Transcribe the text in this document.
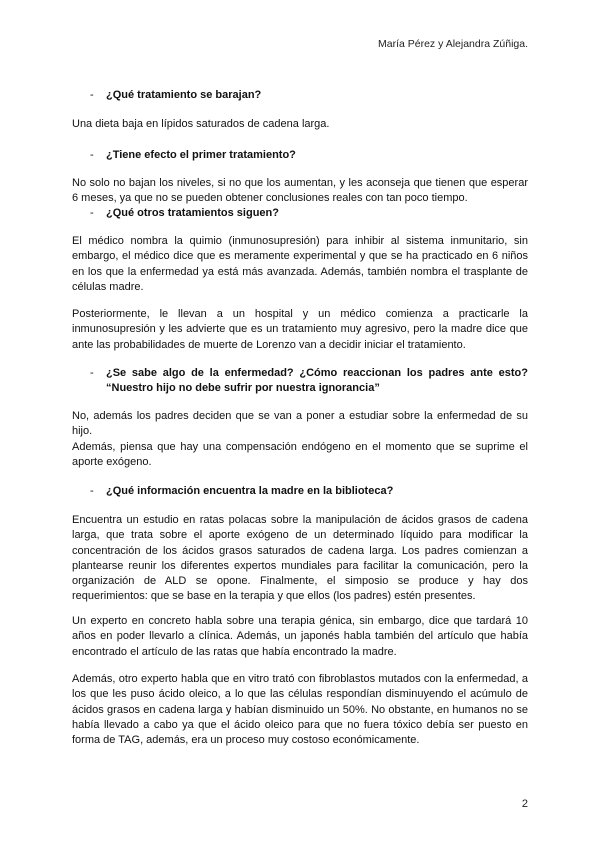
María Pérez y Alejandra Zúñiga.
- ¿Qué tratamiento se barajan?

Una dieta baja en lípidos saturados de cadena larga.

- ¿Tiene efecto el primer tratamiento?

No solo no bajan los niveles, si no que los aumentan, y les aconseja que tienen que esperar 6 meses, ya que no se pueden obtener conclusiones reales con tan poco tiempo.

- ¿Qué otros tratamientos siguen?

El médico nombra la quimio (inmunosupresión) para inhibir al sistema inmunitario, sin embargo, el médico dice que es meramente experimental y que se ha practicado en 6 niños en los que la enfermedad ya está más avanzada. Además, también nombra el trasplante de células madre.

Posteriormente, le llevan a un hospital y un médico comienza a practicarle la inmunosupresión y les advierte que es un tratamiento muy agresivo, pero la madre dice que ante las probabilidades de muerte de Lorenzo van a decidir iniciar el tratamiento.

- ¿Se sabe algo de la enfermedad? ¿Cómo reaccionan los padres ante esto? “Nuestro hijo no debe sufrir por nuestra ignorancia”

No, además los padres deciden que se van a poner a estudiar sobre la enfermedad de su hijo.

Además, piensa que hay una compensación endógeno en el momento que se suprime el aporte exógeno.

- ¿Qué información encuentra la madre en la biblioteca?

Encuentra un estudio en ratas polacas sobre la manipulación de ácidos grasos de cadena larga, que trata sobre el aporte exógeno de un determinado líquido para modificar la concentración de los ácidos grasos saturados de cadena larga. Los padres comienzan a plantearse reunir los diferentes expertos mundiales para facilitar la comunicación, pero la organización de ALD se opone. Finalmente, el simposio se produce y hay dos requerimientos: que se base en la terapia y que ellos (los padres) estén presentes.

Un experto en concreto habla sobre una terapia génica, sin embargo, dice que tardará 10 años en poder llevarlo a clínica. Además, un japonés habla también del artículo que había encontrado el artículo de las ratas que había encontrado la madre.

Además, otro experto habla que en vitro trató con fibroblastos mutados con la enfermedad, a los que les puso ácido oleico, a lo que las células respondían disminuyendo el acúmulo de ácidos grasos en cadena larga y habían disminuido un 50%. No obstante, en humanos no se había llevado a cabo ya que el ácido oleico para que no fuera tóxico debía ser puesto en forma de TAG, además, era un proceso muy costoso económicamente.

2
